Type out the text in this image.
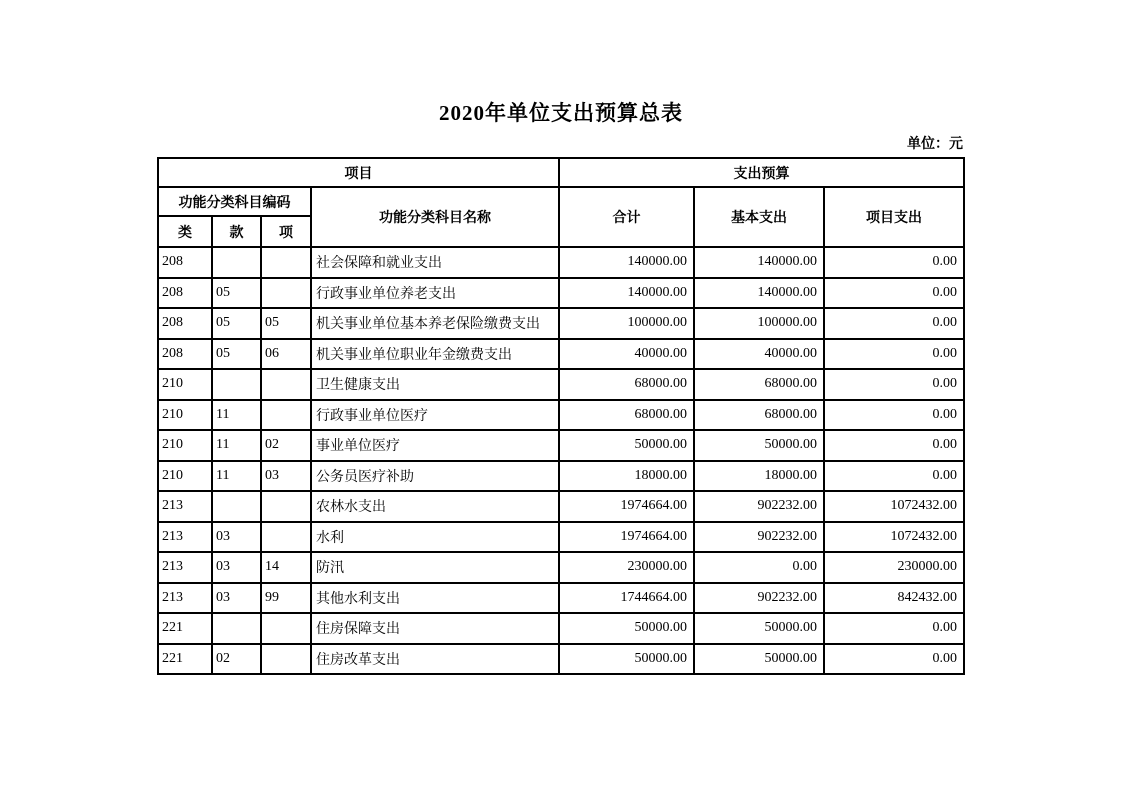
2020年单位支出预算总表
单位：元
项目				支出预算		
功能分类科目编码			功能分类科目名称	合计	基本支出	项目支出
类	款	项				
208			社会保障和就业支出	140000.00	140000.00	0.00
208	05		行政事业单位养老支出	140000.00	140000.00	0.00
208	05	05	机关事业单位基本养老保险缴费支出	100000.00	100000.00	0.00
208	05	06	机关事业单位职业年金缴费支出	40000.00	40000.00	0.00
210			卫生健康支出	68000.00	68000.00	0.00
210	11		行政事业单位医疗	68000.00	68000.00	0.00
210	11	02	事业单位医疗	50000.00	50000.00	0.00
210	11	03	公务员医疗补助	18000.00	18000.00	0.00
213			农林水支出	1974664.00	902232.00	1072432.00
213	03		水利	1974664.00	902232.00	1072432.00
213	03	14	防汛	230000.00	0.00	230000.00
213	03	99	其他水利支出	1744664.00	902232.00	842432.00
221			住房保障支出	50000.00	50000.00	0.00
221	02		住房改革支出	50000.00	50000.00	0.00
